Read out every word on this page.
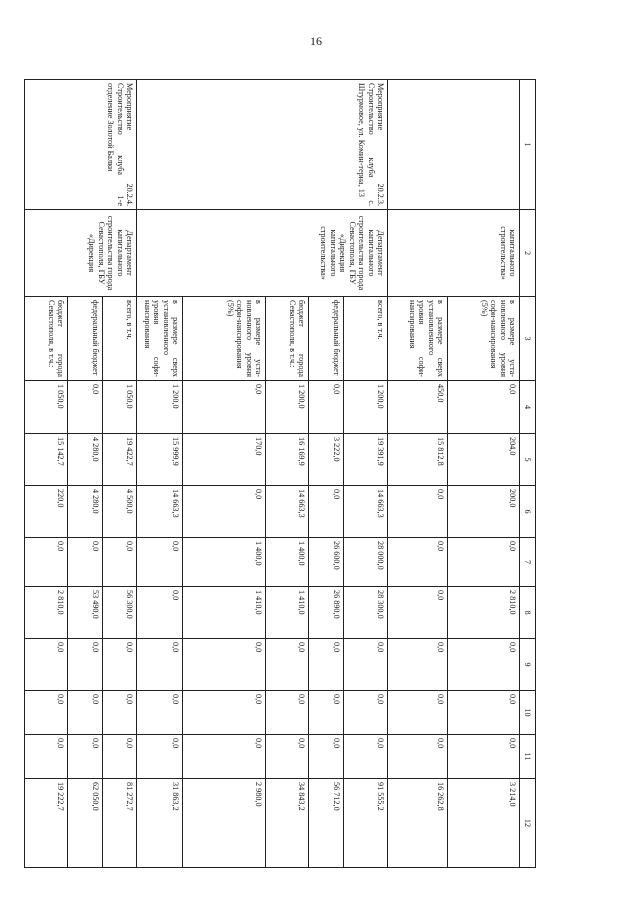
16
1	2	3	4	5	6	7	8	9	10	11	12
	капитального строительства»	в размере уста-новленного уровня софи-нансирования (5%)	0,0	204,0	200,0	0,0	2 810,0	0,0	0,0	0,0	3 214,0
		в размере сверх установленного уровня софи-нансирования	450,0	15 812,8	0,0	0,0	0,0	0,0	0,0	0,0	16 262,8
Мероприятие 20.2.3. Строительство клуба с. Штурмовое, ул. Комин-терна, 13	Департамент капитального строительства города Севастополя, ГБУ «Дирекция капитального строительства»	всего, в т.ч.	1 200,0	19 391,9	14 663,3	28 000,0	28 300,0	0,0	0,0	0,0	91 555,2
		федеральный бюджет	0,0	3 222,0	0,0	26 600,0	26 890,0	0,0	0,0	0,0	56 712,0
		бюджет города Севастополя, в т.ч.:	1 200,0	16 169,9	14 663,3	1 400,0	1 410,0	0,0	0,0	0,0	34 843,2
		в размере уста-новленного уровня софи-нансирования (5%)	0,0	170,0	0,0	1 400,0	1 410,0	0,0	0,0	0,0	2 980,0
		в размере сверх установленного уровня софи-нансирования	1 200,0	15 999,9	14 663,3	0,0	0,0	0,0	0,0	0,0	31 863,2
Мероприятие 20.2.4. Строительство клуба 1-е отделение Золотой Балки	Департамент капитального строительства города Севастополя, ГБУ «Дирекция	всего, в т.ч.	1 050,0	19 422,7	4 500,0	0,0	56 300,0	0,0	0,0	0,0	81 272,7
		федеральный бюджет	0,0	4 280,0	4 280,0	0,0	53 490,0	0,0	0,0	0,0	62 050,0
		бюджет города Севастополя, в т.ч.:	1 050,0	15 142,7	220,0	0,0	2 810,0	0,0	0,0	0,0	19 222,7
